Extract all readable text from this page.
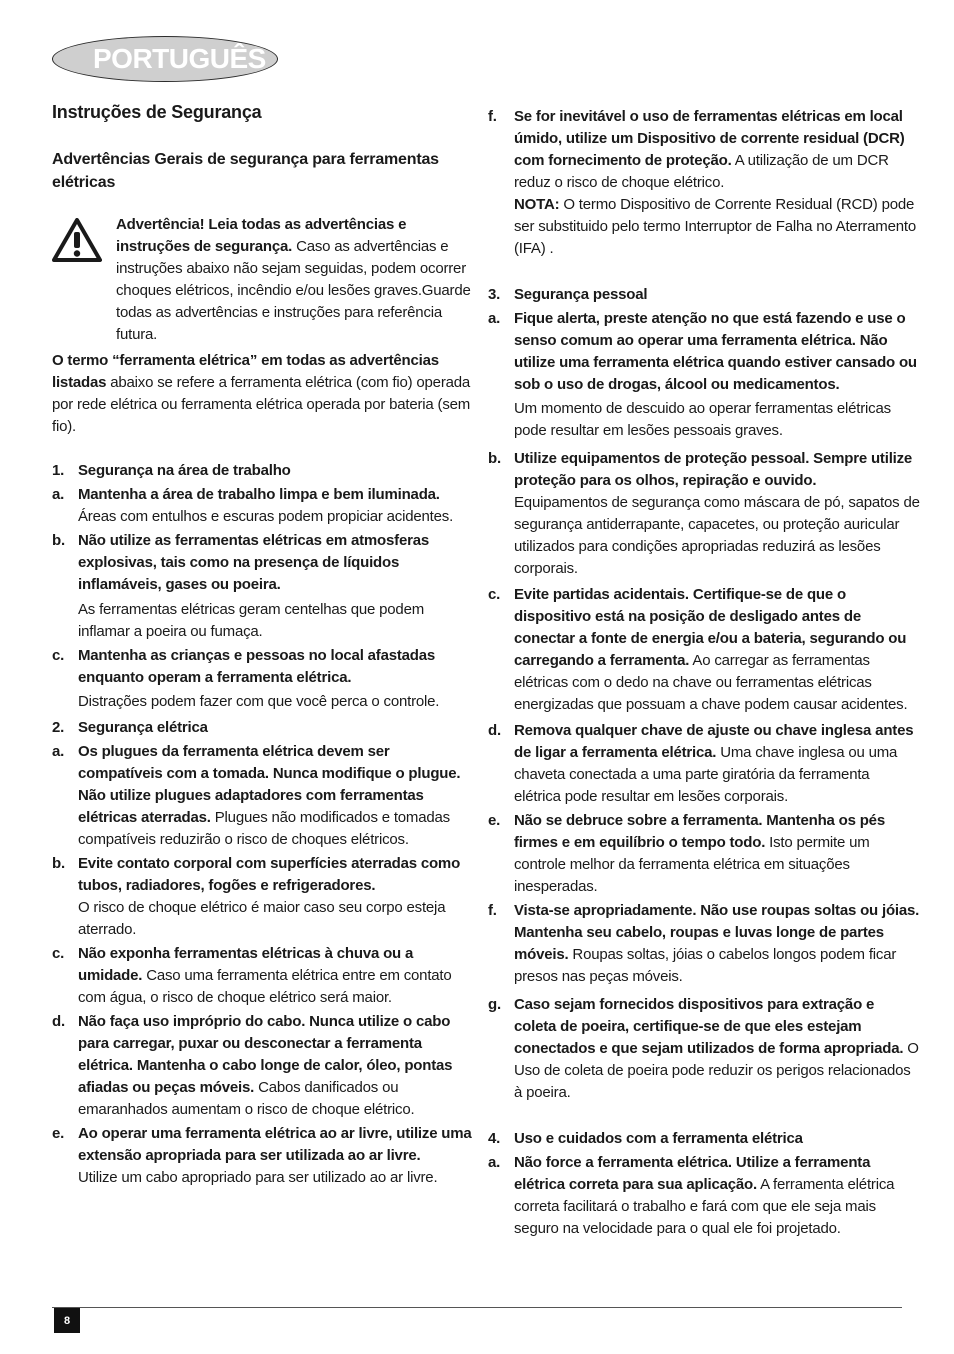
PORTUGUÊS
Instruções de Segurança
Advertências Gerais de segurança para ferramentas elétricas

Advertência! Leia todas as advertências e instruções de segurança. Caso as advertências e instruções abaixo não sejam seguidas, podem ocorrer choques elétricos, incêndio e/ou lesões graves.Guarde todas as advertências e instruções para referência futura.

O termo “ferramenta elétrica” em todas as advertências listadas abaixo se refere a ferramenta elétrica (com fio) operada por rede elétrica ou ferramenta elétrica operada por bateria (sem fio).

1. Segurança na área de trabalho
a. Mantenha a área de trabalho limpa e bem iluminada.
Áreas com entulhos e escuras podem propiciar acidentes.
b. Não utilize as ferramentas elétricas em atmosferas explosivas, tais como na presença de líquidos inflamáveis, gases ou poeira.
As ferramentas elétricas geram centelhas que podem inflamar a poeira ou fumaça.
c. Mantenha as crianças e pessoas no local afastadas enquanto operam a ferramenta elétrica.
Distrações podem fazer com que você perca o controle.
2. Segurança elétrica
a. Os plugues da ferramenta elétrica devem ser compatíveis com a tomada. Nunca modifique o plugue. Não utilize plugues adaptadores com ferramentas elétricas aterradas. Plugues não modificados e tomadas compatíveis reduzirão o risco de choques elétricos.
b. Evite contato corporal com superfícies aterradas como tubos, radiadores, fogões e refrigeradores.
O risco de choque elétrico é maior caso seu corpo esteja aterrado.
c. Não exponha ferramentas elétricas à chuva ou a umidade. Caso uma ferramenta elétrica entre em contato com água, o risco de choque elétrico será maior.
d. Não faça uso impróprio do cabo. Nunca utilize o cabo para carregar, puxar ou desconectar a ferramenta elétrica. Mantenha o cabo longe de calor, óleo, pontas afiadas ou peças móveis. Cabos danificados ou emaranhados aumentam o risco de choque elétrico.
e. Ao operar uma ferramenta elétrica ao ar livre, utilize uma extensão apropriada para ser utilizada ao ar livre.
Utilize um cabo apropriado para ser utilizado ao ar livre.
f.	Se for inevitável o uso de ferramentas elétricas em local úmido, utilize um Dispositivo de corrente residual (DCR) com fornecimento de proteção. A utilização de um DCR reduz o risco de choque elétrico.
NOTA: O termo Dispositivo de Corrente Residual (RCD) pode ser substituido pelo termo Interruptor de Falha no Aterramento (IFA) .
3. Segurança pessoal
a. Fique alerta, preste atenção no que está fazendo e use o senso comum ao operar uma ferramenta elétrica. Não utilize uma ferramenta elétrica quando estiver cansado ou sob o uso de drogas, álcool ou medicamentos.
Um momento de descuido ao operar ferramentas elétricas pode resultar em lesões pessoais graves.
b. Utilize equipamentos de proteção pessoal. Sempre utilize proteção para os olhos, repiração e ouvido.
Equipamentos de segurança como máscara de pó, sapatos de segurança antiderrapante, capacetes, ou proteção auricular utilizados para condições apropriadas reduzirá as lesões corporais.
c. Evite partidas acidentais. Certifique-se de que o dispositivo está na posição de desligado antes de conectar a fonte de energia e/ou a bateria, segurando ou carregando a ferramenta. Ao carregar as ferramentas elétricas com o dedo na chave ou ferramentas elétricas energizadas que possuam a chave podem causar acidentes.
d. Remova qualquer chave de ajuste ou chave inglesa antes de ligar a ferramenta elétrica. Uma chave inglesa ou uma chaveta conectada a uma parte giratória da ferramenta elétrica pode resultar em lesões corporais.
e. Não se debruce sobre a ferramenta. Mantenha os pés firmes e em equilíbrio o tempo todo. Isto permite um controle melhor da ferramenta elétrica em situações inesperadas.
f.	Vista-se apropriadamente. Não use roupas soltas ou jóias. Mantenha seu cabelo, roupas e luvas longe de partes móveis. Roupas soltas, jóias o cabelos longos podem ficar presos nas peças móveis.
g. Caso sejam fornecidos dispositivos para extração e coleta de poeira, certifique-se de que eles estejam conectados e que sejam utilizados de forma apropriada. O Uso de coleta de poeira pode reduzir os perigos relacionados à poeira.
4. Uso e cuidados com a ferramenta elétrica
a. Não force a ferramenta elétrica. Utilize a ferramenta elétrica correta para sua aplicação. A ferramenta elétrica correta facilitará o trabalho e fará com que ele seja mais seguro na velocidade para o qual ele foi projetado.
8
